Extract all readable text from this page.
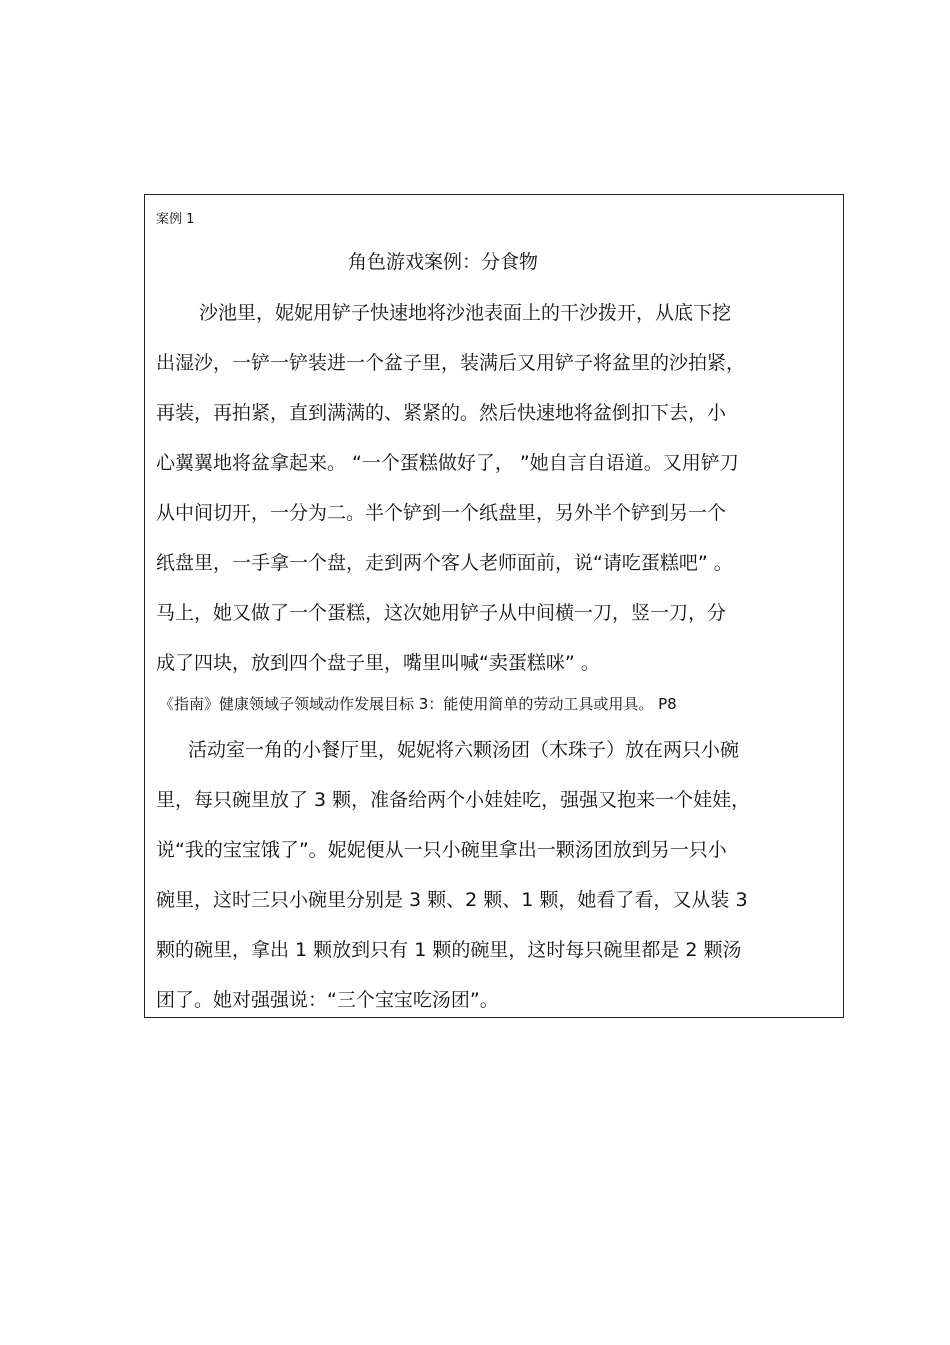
案例 1
角色游戏案例：分食物
沙池里，妮妮用铲子快速地将沙池表面上的干沙拨开，从底下挖
出湿沙，一铲一铲装进一个盆子里，装满后又用铲子将盆里的沙拍紧，
再装，再拍紧，直到满满的、紧紧的。然后快速地将盆倒扣下去，小
心翼翼地将盆拿起来。 “一个蛋糕做好了， ”她自言自语道。又用铲刀
从中间切开，一分为二。半个铲到一个纸盘里，另外半个铲到另一个
纸盘里，一手拿一个盘，走到两个客人老师面前，说“请吃蛋糕吧” 。
马上，她又做了一个蛋糕，这次她用铲子从中间横一刀，竖一刀，分
成了四块，放到四个盘子里，嘴里叫喊“卖蛋糕咪” 。
《指南》健康领域子领域动作发展目标 3：能使用简单的劳动工具或用具。 P8
活动室一角的小餐厅里，妮妮将六颗汤团（木珠子）放在两只小碗
里，每只碗里放了 3 颗，准备给两个小娃娃吃，强强又抱来一个娃娃，
说“我的宝宝饿了”。妮妮便从一只小碗里拿出一颗汤团放到另一只小
碗里，这时三只小碗里分别是 3 颗、2 颗、1 颗，她看了看，又从装 3
颗的碗里，拿出 1 颗放到只有 1 颗的碗里，这时每只碗里都是 2 颗汤
团了。她对强强说：“三个宝宝吃汤团”。
